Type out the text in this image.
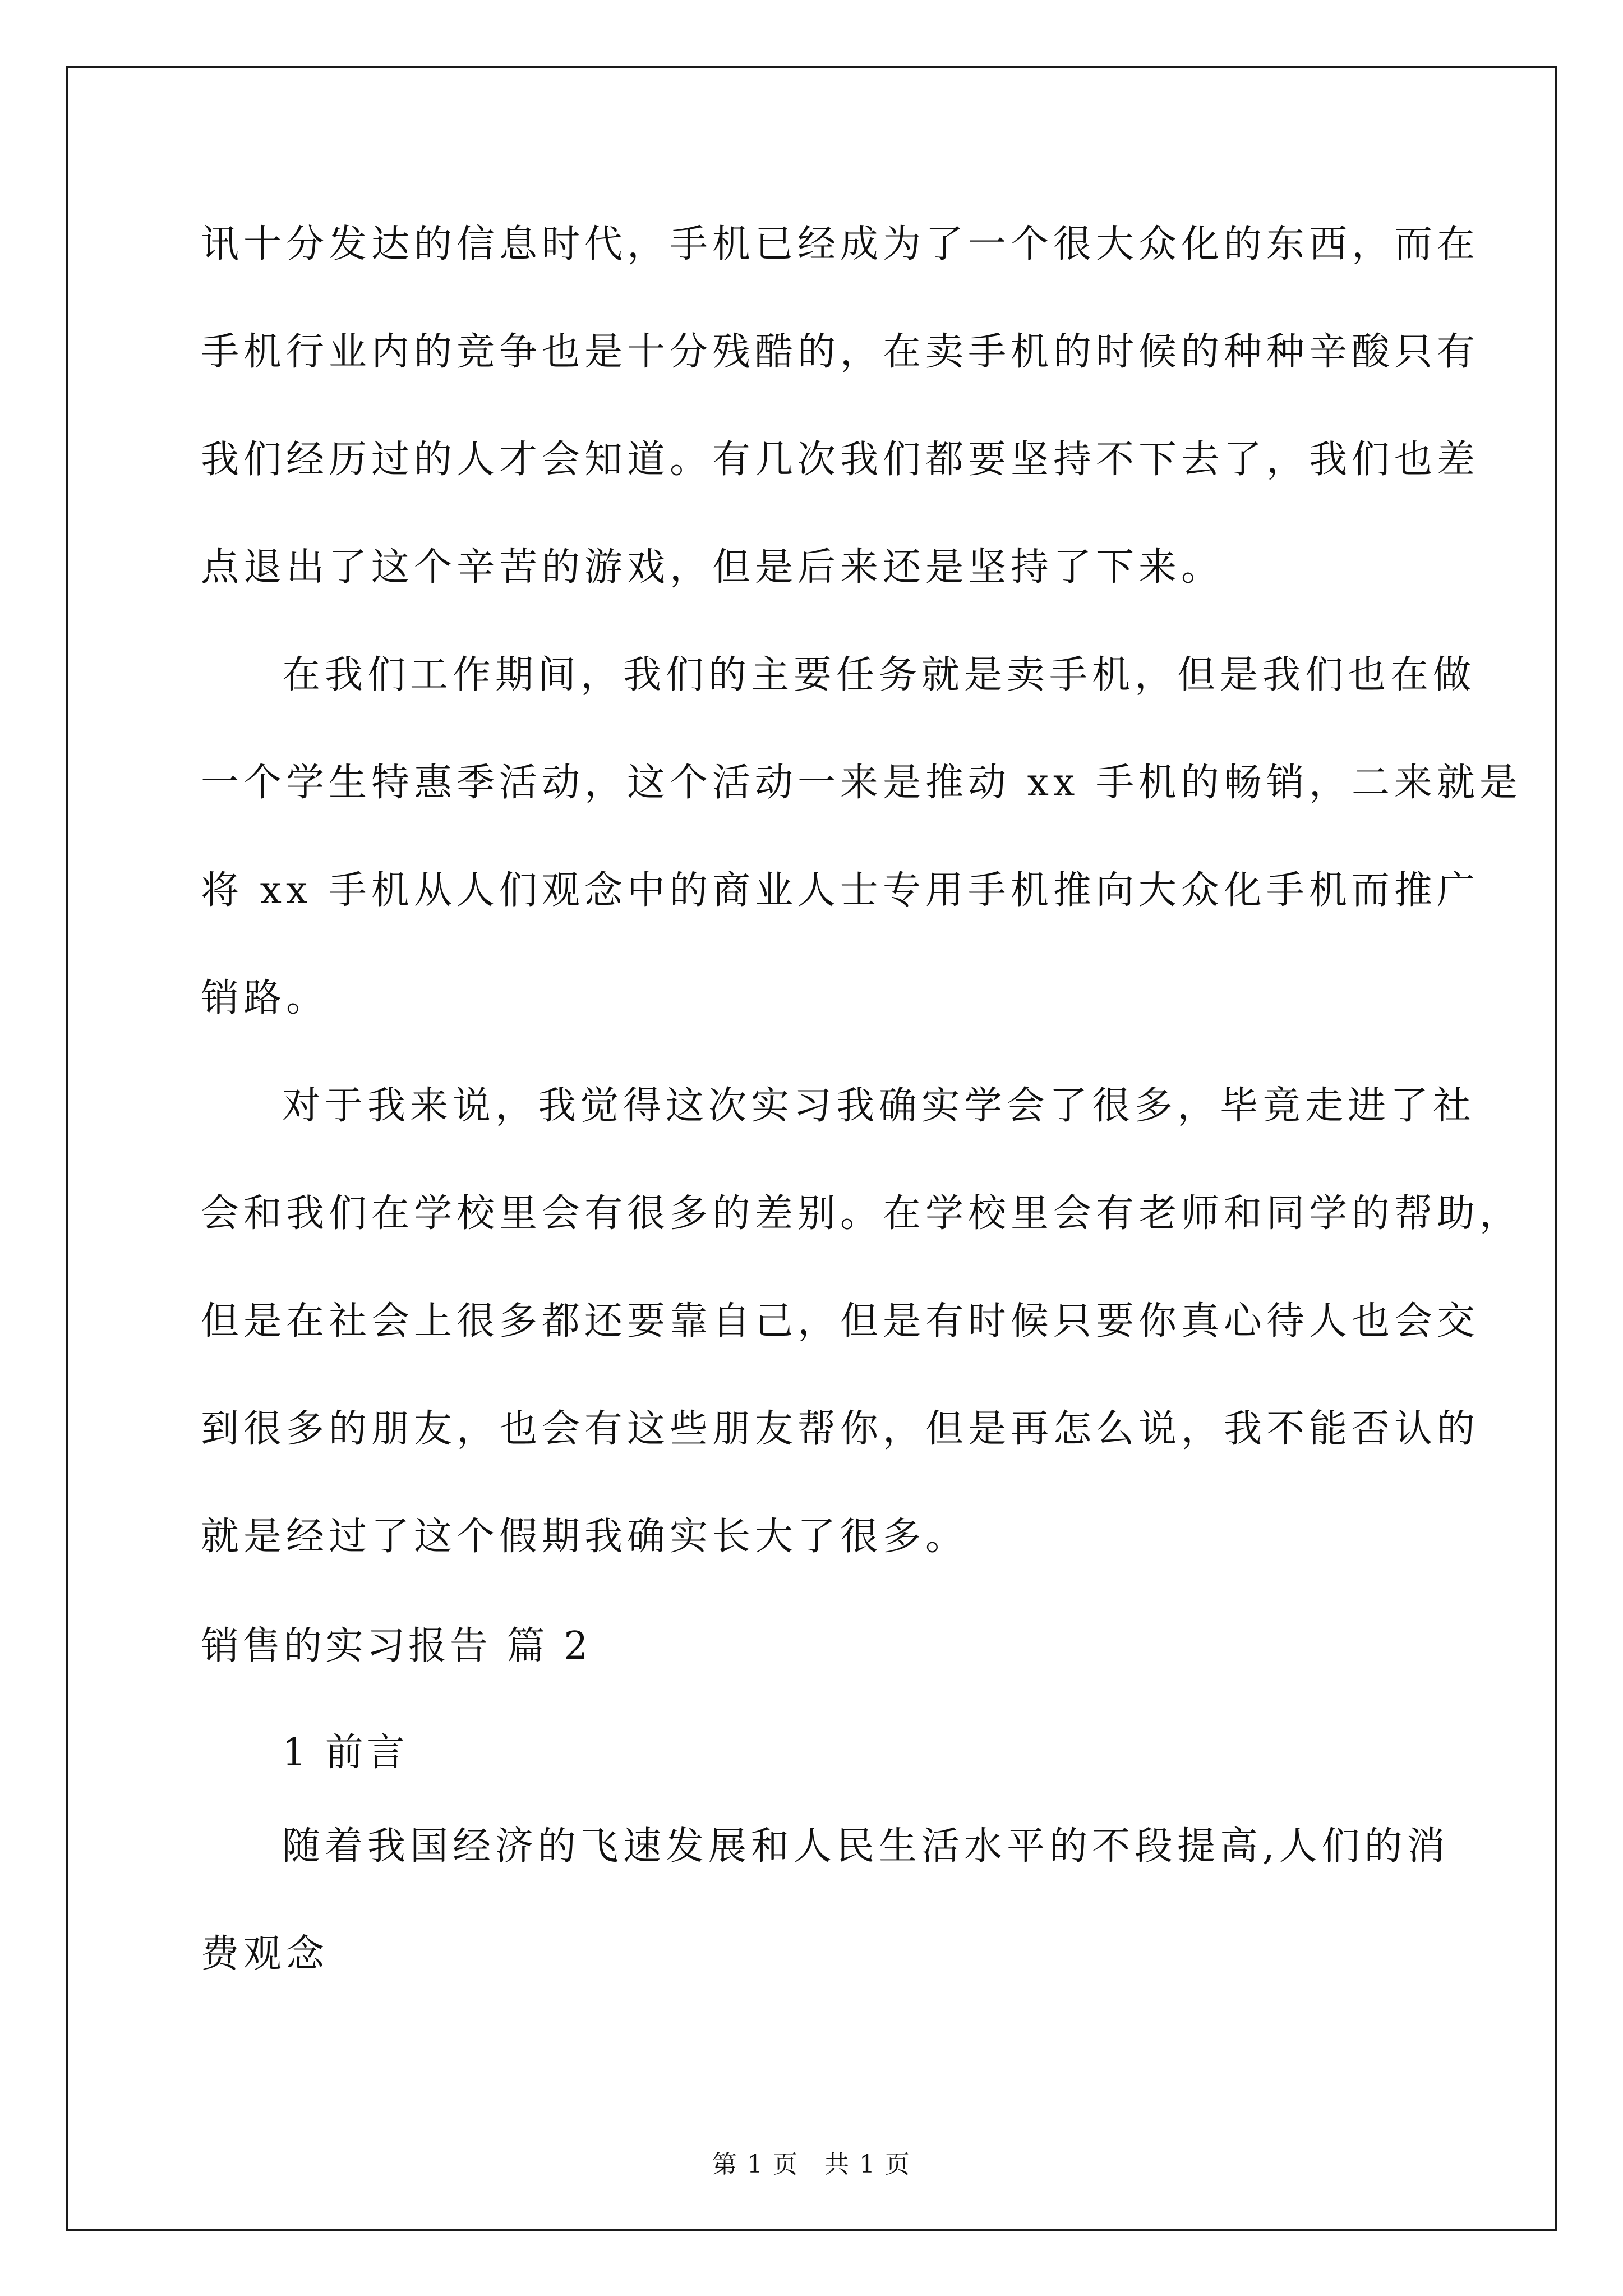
讯十分发达的信息时代，手机已经成为了一个很大众化的东西，而在
手机行业内的竞争也是十分残酷的，在卖手机的时候的种种辛酸只有
我们经历过的人才会知道。有几次我们都要坚持不下去了，我们也差
点退出了这个辛苦的游戏，但是后来还是坚持了下来。
在我们工作期间，我们的主要任务就是卖手机，但是我们也在做
一个学生特惠季活动，这个活动一来是推动 xx 手机的畅销，二来就是
将 xx 手机从人们观念中的商业人士专用手机推向大众化手机而推广
销路。
对于我来说，我觉得这次实习我确实学会了很多，毕竟走进了社
会和我们在学校里会有很多的差别。在学校里会有老师和同学的帮助，
但是在社会上很多都还要靠自己，但是有时候只要你真心待人也会交
到很多的朋友，也会有这些朋友帮你，但是再怎么说，我不能否认的
就是经过了这个假期我确实长大了很多。
销售的实习报告 篇 2
1 前言
随着我国经济的飞速发展和人民生活水平的不段提高,人们的消
费观念
第 1 页　共 1 页
